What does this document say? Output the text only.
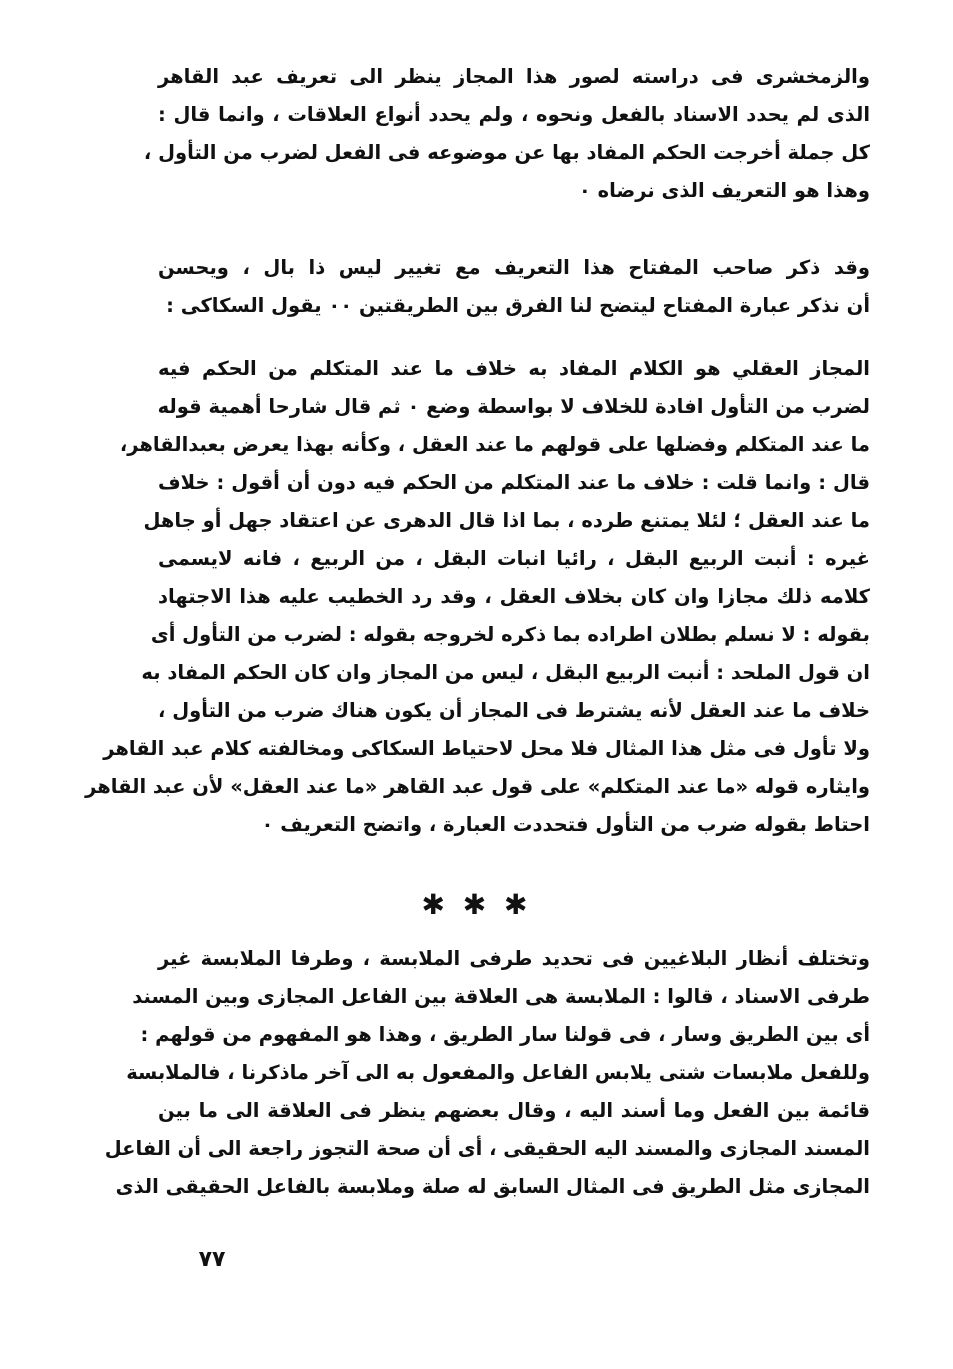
والزمخشرى فى دراسته لصور هذا المجاز ينظر الى تعريف عبد القاهر
الذى لم يحدد الاسناد بالفعل ونحوه ، ولم يحدد أنواع العلاقات ، وانما قال :
كل جملة أخرجت الحكم المفاد بها عن موضوعه فى الفعل لضرب من التأول ،
وهذا هو التعريف الذى نرضاه ٠
وقد ذكر صاحب المفتاح هذا التعريف مع تغيير ليس ذا بال ، ويحسن
أن نذكر عبارة المفتاح ليتضح لنا الفرق بين الطريقتين ٠٠ يقول السكاكى :
المجاز العقلي هو الكلام المفاد به خلاف ما عند المتكلم من الحكم فيه
لضرب من التأول افادة للخلاف لا بواسطة وضع ٠ ثم قال شارحا أهمية قوله
ما عند المتكلم وفضلها على قولهم ما عند العقل ، وكأنه بهذا يعرض بعبدالقاهر،
قال : وانما قلت : خلاف ما عند المتكلم من الحكم فيه دون أن أقول : خلاف
ما عند العقل ؛ لئلا يمتنع طرده ، بما اذا قال الدهرى عن اعتقاد جهل أو جاهل
غيره : أنبت الربيع البقل ، رائيا انبات البقل ، من الربيع ، فانه لايسمى
كلامه ذلك مجازا وان كان بخلاف العقل ، وقد رد الخطيب عليه هذا الاجتهاد
بقوله : لا نسلم بطلان اطراده بما ذكره لخروجه بقوله : لضرب من التأول أى
ان قول الملحد : أنبت الربيع البقل ، ليس من المجاز وان كان الحكم المفاد به
خلاف ما عند العقل لأنه يشترط فى المجاز أن يكون هناك ضرب من التأول ،
ولا تأول فى مثل هذا المثال فلا محل لاحتياط السكاكى ومخالفته كلام عبد القاهر
وايثاره قوله «ما عند المتكلم» على قول عبد القاهر «ما عند العقل» لأن عبد القاهر
احتاط بقوله ضرب من التأول فتحددت العبارة ، واتضح التعريف ٠
✱ ✱ ✱
وتختلف أنظار البلاغيين فى تحديد طرفى الملابسة ، وطرفا الملابسة غير
طرفى الاسناد ، قالوا : الملابسة هى العلاقة بين الفاعل المجازى وبين المسند
أى بين الطريق وسار ، فى قولنا سار الطريق ، وهذا هو المفهوم من قولهم :
وللفعل ملابسات شتى يلابس الفاعل والمفعول به الى آخر ماذكرنا ، فالملابسة
قائمة بين الفعل وما أسند اليه ، وقال بعضهم ينظر فى العلاقة الى ما بين
المسند المجازى والمسند اليه الحقيقى ، أى أن صحة التجوز راجعة الى أن الفاعل
المجازى مثل الطريق فى المثال السابق له صلة وملابسة بالفاعل الحقيقى الذى
٧٧
